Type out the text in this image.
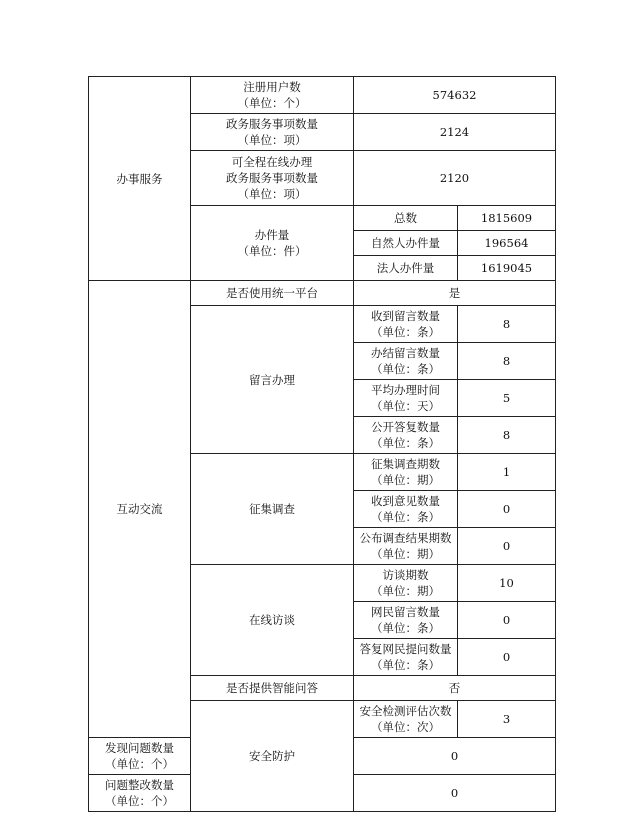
办事服务	注册用户数
（单位：个）	574632	

	政务服务事项数量
（单位：项）	2124	

	可全程在线办理
政务服务事项数量
（单位：项）	2120	

	办件量
（单位：件）	总数	1815609
		自然人办件量	196564
		法人办件量	1619045
互动交流	是否使用统一平台	是	
	留言办理	收到留言数量
（单位：条）	8

		办结留言数量
（单位：条）	8

		平均办理时间
（单位：天）	5

		公开答复数量
（单位：条）	8
	征集调查	征集调查期数
（单位：期）	1

		收到意见数量
（单位：条）	0

		公布调查结果期数
（单位：期）	0
	在线访谈	访谈期数
（单位：期）	10

		网民留言数量
（单位：条）	0

		答复网民提问数量
（单位：条）	0
	是否提供智能问答	否	
	安全防护	安全检测评估次数
（单位：次）	3

发现问题数量
（单位：个）		0	

问题整改数量
（单位：个）		0	
